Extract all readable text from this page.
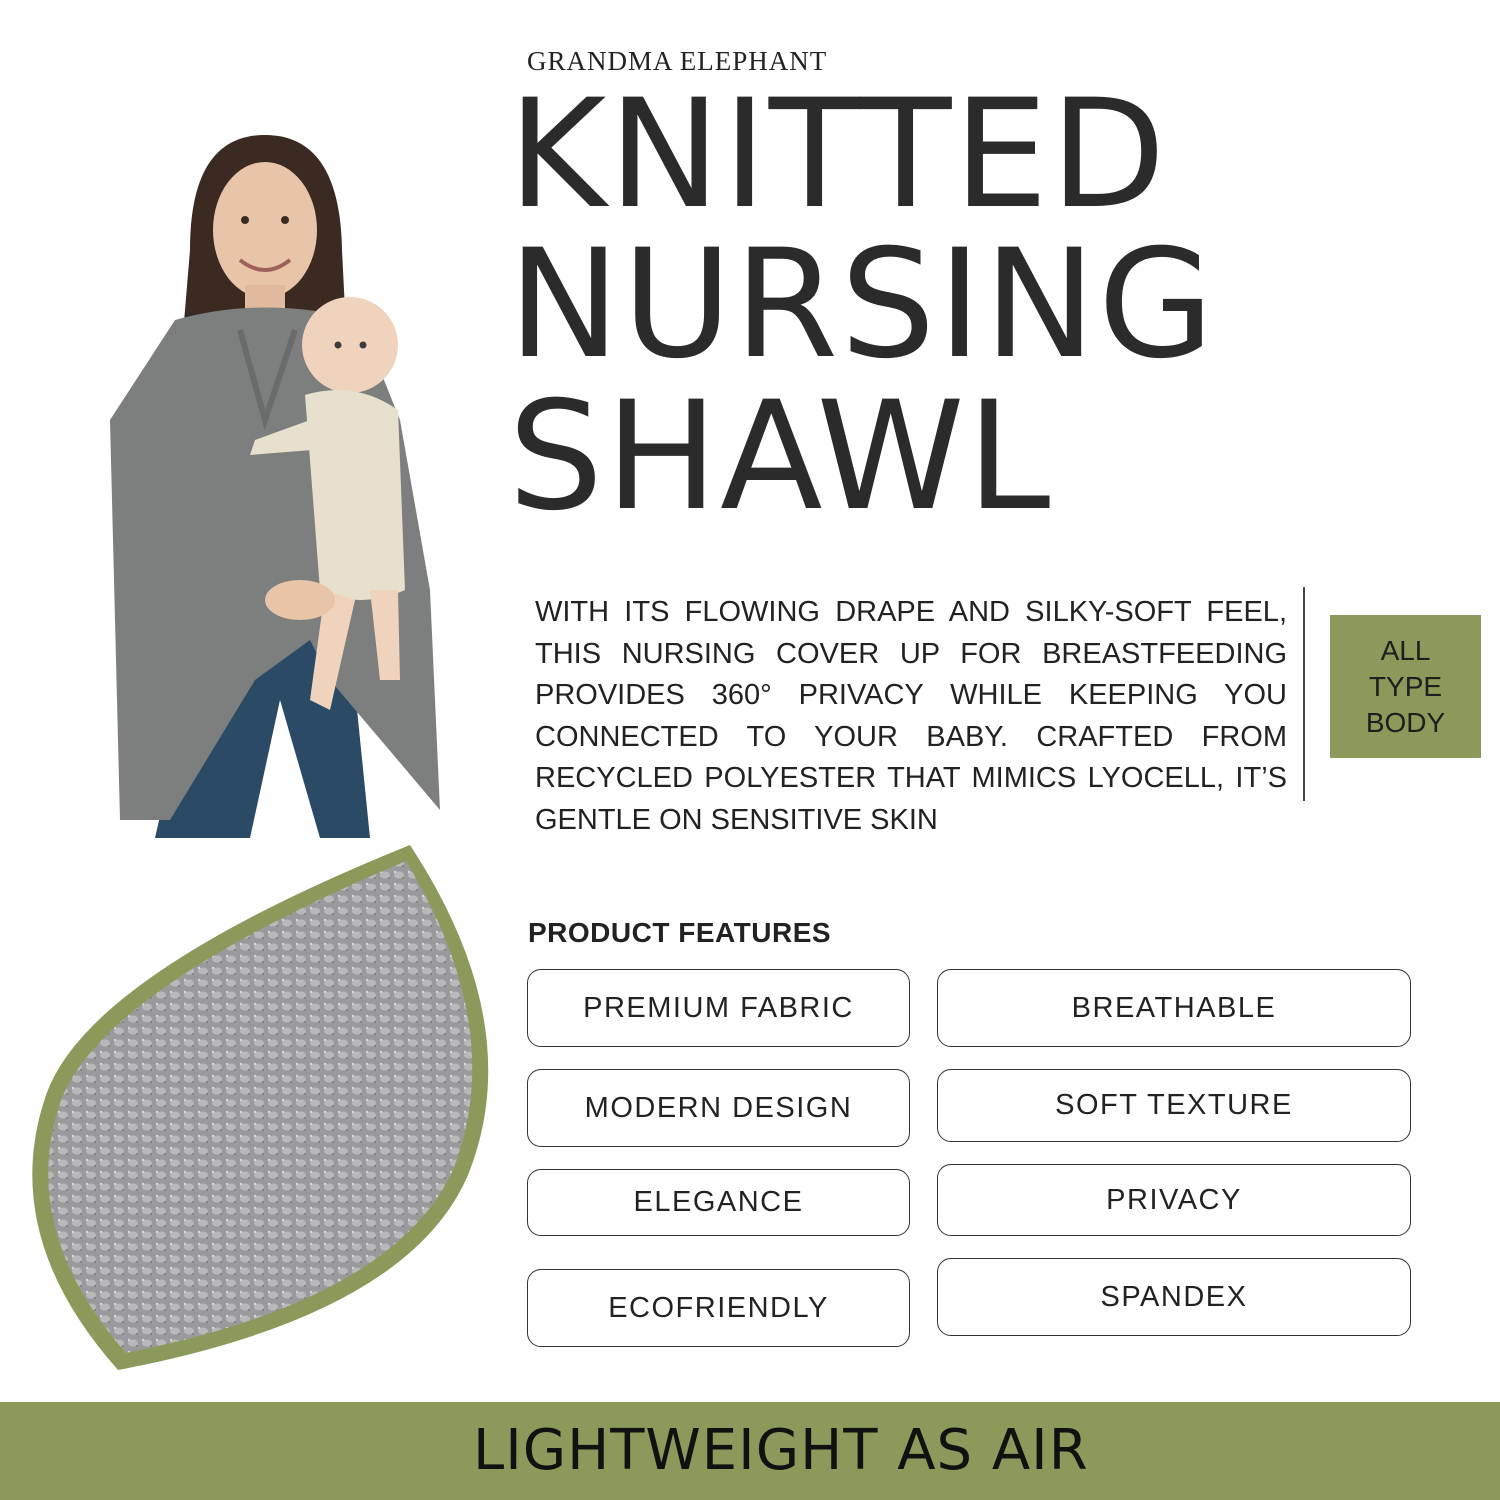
GRANDMA ELEPHANT
KNITTED
NURSING
SHAWL
WITH ITS FLOWING DRAPE AND SILKY-SOFT FEEL, THIS NURSING COVER UP FOR BREASTFEEDING PROVIDES 360° PRIVACY WHILE KEEPING YOU CONNECTED TO YOUR BABY. CRAFTED FROM RECYCLED POLYESTER THAT MIMICS LYOCELL, IT’S GENTLE ON SENSITIVE SKIN
ALL
TYPE
BODY
PRODUCT FEATURES
PREMIUM FABRIC	BREATHABLE
MODERN DESIGN	SOFT TEXTURE
ELEGANCE	PRIVACY
ECOFRIENDLY	SPANDEX
LIGHTWEIGHT AS AIR
